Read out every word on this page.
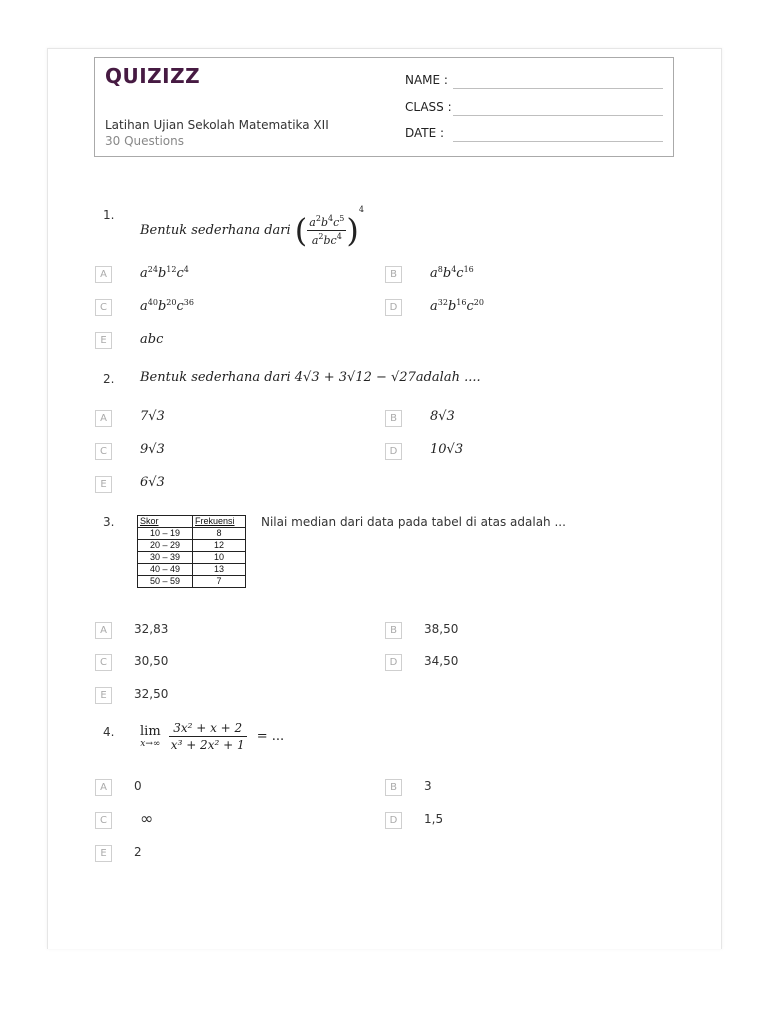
QUIZIZZ
Latihan Ujian Sekolah Matematika XII
30 Questions
NAME :
CLASS :
DATE :
1.
Bentuk sederhana dari ( $\frac{a^2b^4c^5}{a^2bc^4} )^4$
A	$a^{24}b^{12}c^4$	B	$a^8b^4c^{16}$
C	$a^{40}b^{20}c^{36}$	D	$a^{32}b^{16}c^{20}$
E	abc
2. Bentuk sederhana dari 4√3 + 3√12 − √27adalah ....
A	7√3	B	8√3
C	9√3	D	10√3
E	6√3
3.	Skor	Frekuensi
10 – 19	8
20 – 29	12
30 – 39	10
40 – 49	13
50 – 59	7
Nilai median dari data pada tabel di atas adalah ...
A	32,83	B	38,50
C	30,50	D	34,50
E	32,50
4. lim
x→∞
$\frac{\text{3x² + x + 2}}{\text{x³ + 2x² + 1}}$ = ...
A	0	B	3
C	∞	D	1,5
E	2
